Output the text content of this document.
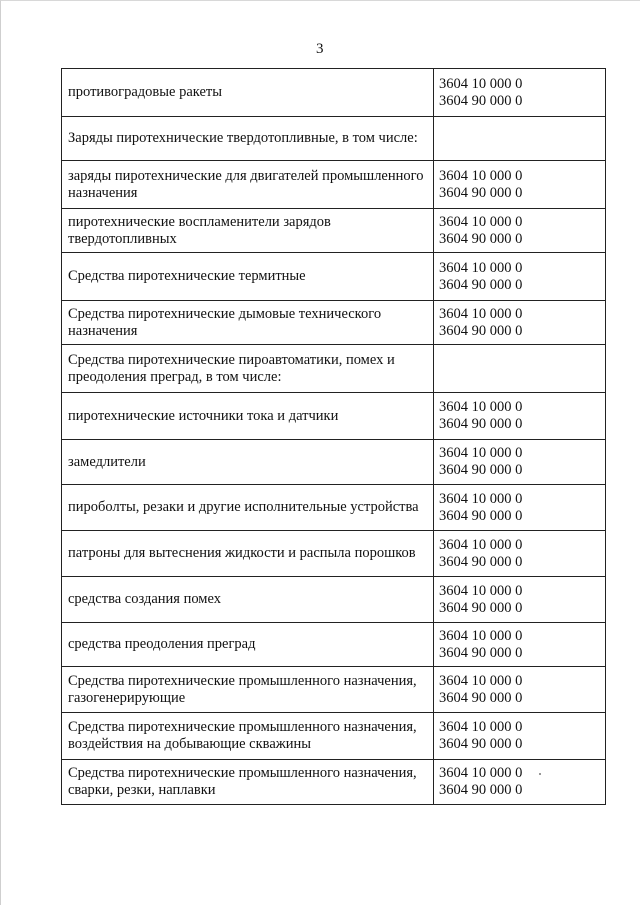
3
противоградовые ракеты	3604 10 000 0
3604 90 000 0

Заряды пиротехнические твердотопливные, в том числе:	
заряды пиротехнические для двигателей промышленного назначения	3604 10 000 0
3604 90 000 0

пиротехнические воспламенители зарядов твердотопливных	3604 10 000 0
3604 90 000 0

Средства пиротехнические термитные	3604 10 000 0
3604 90 000 0

Средства пиротехнические дымовые технического назначения	3604 10 000 0
3604 90 000 0

Средства пиротехнические пироавтоматики, помех и преодоления преград, в том числе:	
пиротехнические источники тока и датчики	3604 10 000 0
3604 90 000 0

замедлители	3604 10 000 0
3604 90 000 0

пироболты, резаки и другие исполнительные устройства	3604 10 000 0
3604 90 000 0

патроны для вытеснения жидкости и распыла порошков	3604 10 000 0
3604 90 000 0

средства создания помех	3604 10 000 0
3604 90 000 0

средства преодоления преград	3604 10 000 0
3604 90 000 0

Средства пиротехнические промышленного назначения, газогенерирующие	3604 10 000 0
3604 90 000 0

Средства пиротехнические промышленного назначения, воздействия на добывающие скважины	3604 10 000 0
3604 90 000 0

Средства пиротехнические промышленного назначения, сварки, резки, наплавки	3604 10 000 0
3604 90 000 0
